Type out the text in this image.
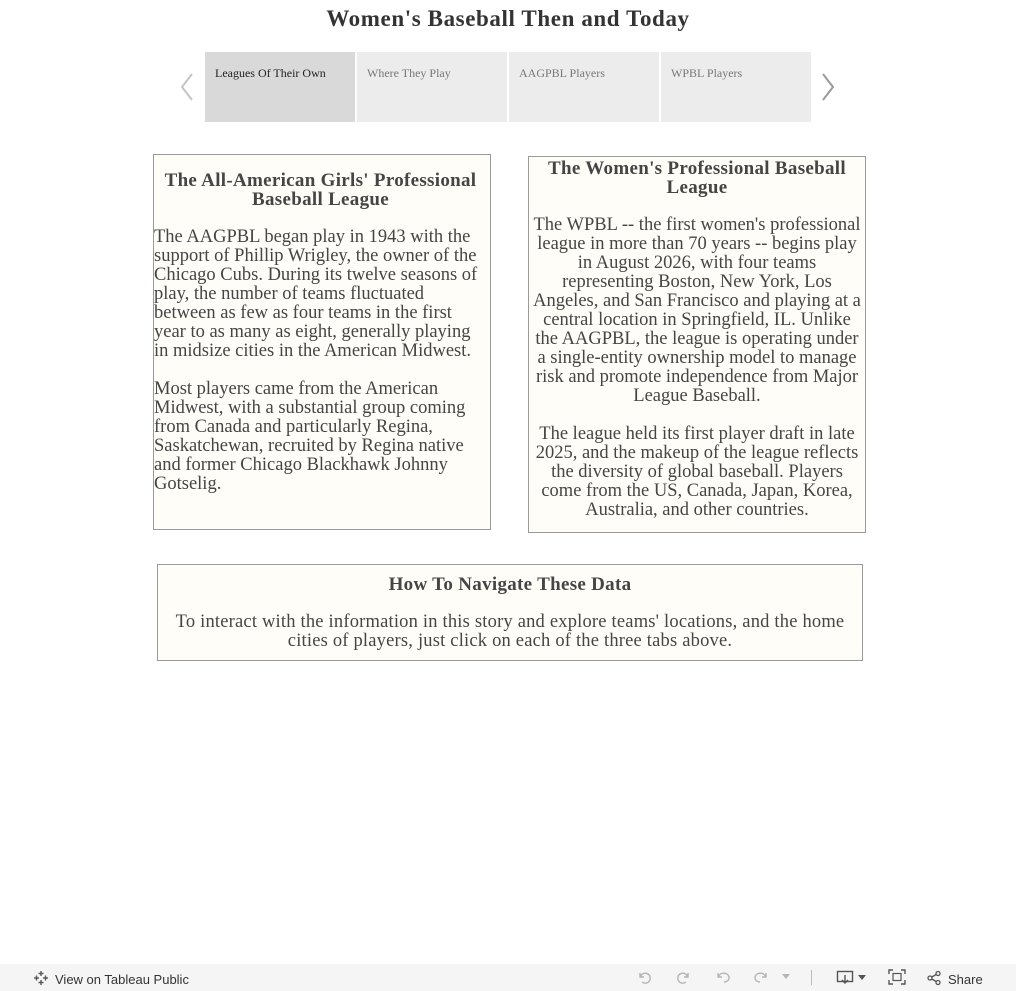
Women's Baseball Then and Today
Leagues Of Their Own	Where They Play	AAGPBL Players	WPBL Players
The All-American Girls' Professional Baseball League

The AAGPBL began play in 1943 with the support of Phillip Wrigley, the owner of the Chicago Cubs. During its twelve seasons of play, the number of teams fluctuated between as few as four teams in the first year to as many as eight, generally playing in midsize cities in the American Midwest.

Most players came from the American Midwest, with a substantial group coming from Canada and particularly Regina, Saskatchewan, recruited by Regina native and former Chicago Blackhawk Johnny Gotselig.

The Women's Professional Baseball League

The WPBL -- the first women's professional league in more than 70 years -- begins play in August 2026, with four teams representing Boston, New York, Los Angeles, and San Francisco and playing at a central location in Springfield, IL. Unlike the AAGPBL, the league is operating under a single-entity ownership model to manage risk and promote independence from Major League Baseball.

The league held its first player draft in late 2025, and the makeup of the league reflects the diversity of global baseball. Players come from the US, Canada, Japan, Korea, Australia, and other countries.

How To Navigate These Data

To interact with the information in this story and explore teams' locations, and the home cities of players, just click on each of the three tabs above.

View on Tableau Public	Share
